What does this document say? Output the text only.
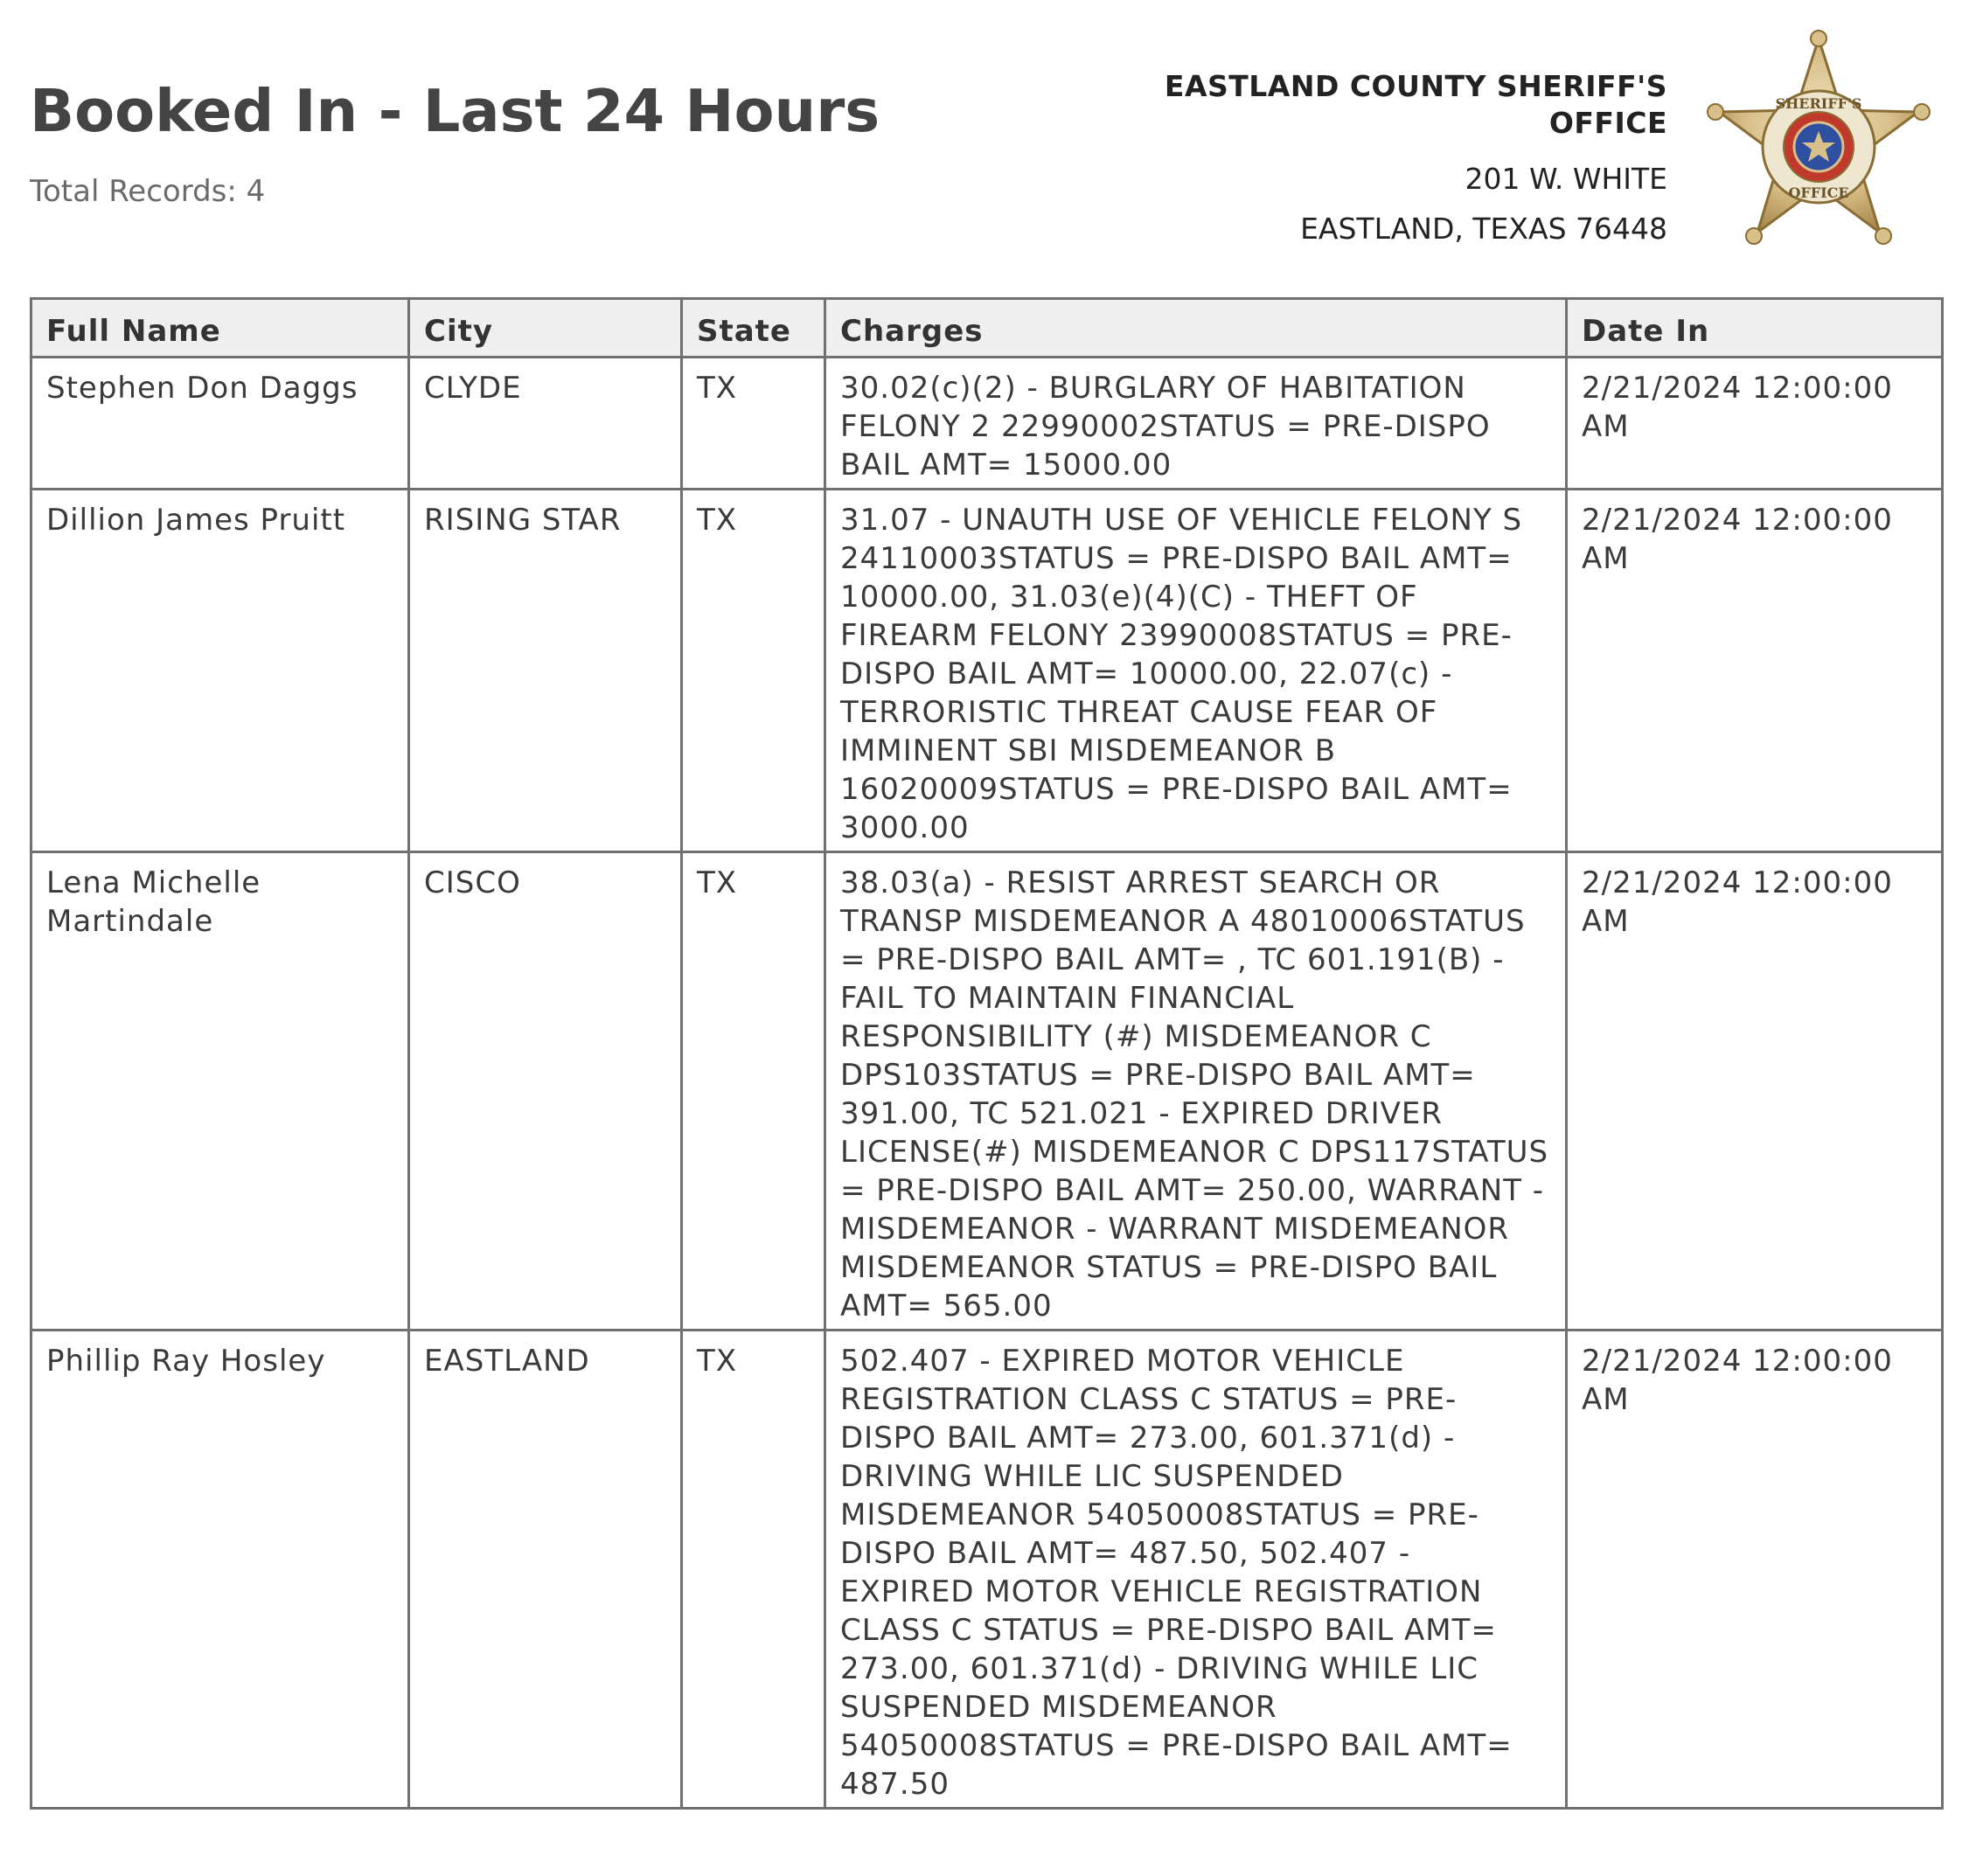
Booked In - Last 24 Hours
Total Records: 4
EASTLAND COUNTY SHERIFF'S OFFICE
201 W. WHITE
EASTLAND, TEXAS 76448
SHERIFF'S
OFFICE
Full Name	City	State	Charges	Date In
Stephen Don Daggs	CLYDE	TX	30.02(c)(2) - BURGLARY OF HABITATION FELONY 2 22990002STATUS = PRE-DISPO BAIL AMT= 15000.00	2/21/2024 12:00:00 AM
Dillion James Pruitt	RISING STAR	TX	31.07 - UNAUTH USE OF VEHICLE FELONY S 24110003STATUS = PRE-DISPO BAIL AMT= 10000.00, 31.03(e)(4)(C) - THEFT OF FIREARM FELONY 23990008STATUS = PRE-DISPO BAIL AMT= 10000.00, 22.07(c) - TERRORISTIC THREAT CAUSE FEAR OF IMMINENT SBI MISDEMEANOR B 16020009STATUS = PRE-DISPO BAIL AMT= 3000.00	2/21/2024 12:00:00 AM
Lena Michelle Martindale	CISCO	TX	38.03(a) - RESIST ARREST SEARCH OR TRANSP MISDEMEANOR A 48010006STATUS = PRE-DISPO BAIL AMT= , TC 601.191(B) - FAIL TO MAINTAIN FINANCIAL RESPONSIBILITY (#) MISDEMEANOR C DPS103STATUS = PRE-DISPO BAIL AMT= 391.00, TC 521.021 - EXPIRED DRIVER LICENSE(#) MISDEMEANOR C DPS117STATUS = PRE-DISPO BAIL AMT= 250.00, WARRANT - MISDEMEANOR - WARRANT MISDEMEANOR MISDEMEANOR STATUS = PRE-DISPO BAIL AMT= 565.00	2/21/2024 12:00:00 AM
Phillip Ray Hosley	EASTLAND	TX	502.407 - EXPIRED MOTOR VEHICLE REGISTRATION CLASS C STATUS = PRE-DISPO BAIL AMT= 273.00, 601.371(d) - DRIVING WHILE LIC SUSPENDED MISDEMEANOR 54050008STATUS = PRE-DISPO BAIL AMT= 487.50, 502.407 - EXPIRED MOTOR VEHICLE REGISTRATION CLASS C STATUS = PRE-DISPO BAIL AMT= 273.00, 601.371(d) - DRIVING WHILE LIC SUSPENDED MISDEMEANOR 54050008STATUS = PRE-DISPO BAIL AMT= 487.50	2/21/2024 12:00:00 AM
